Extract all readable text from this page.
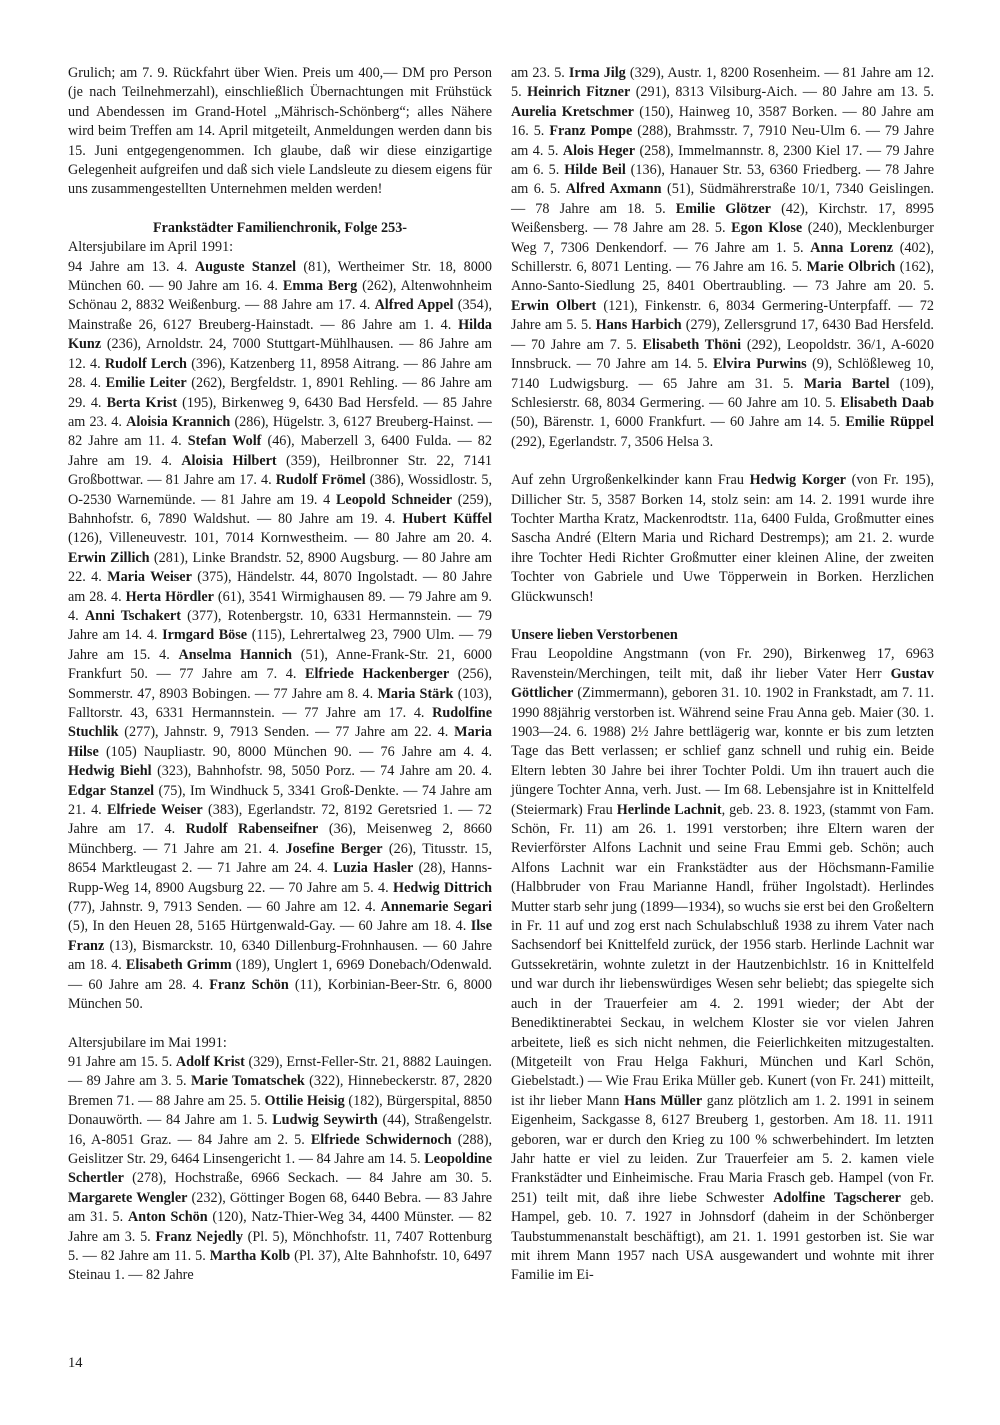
Grulich; am 7. 9. Rückfahrt über Wien. Preis um 400,— DM pro Person (je nach Teilnehmerzahl), einschließlich Übernachtungen mit Frühstück und Abendessen im Grand-Hotel „Mährisch-Schönberg“; alles Nähere wird beim Treffen am 14. April mitgeteilt, Anmeldungen werden dann bis 15. Juni entgegengenommen. Ich glaube, daß wir diese einzigartige Gelegenheit aufgreifen und daß sich viele Landsleute zu diesem eigens für uns zusammengestellten Unternehmen melden werden!

Frankstädter Familienchronik, Folge 253-

Altersjubilare im April 1991:
94 Jahre am 13. 4. Auguste Stanzel (81), Wertheimer Str. 18, 8000 München 60. — 90 Jahre am 16. 4. Emma Berg (262), Altenwohnheim Schönau 2, 8832 Weißenburg. — 88 Jahre am 17. 4. Alfred Appel (354), Mainstraße 26, 6127 Breuberg-Hainstadt. — 86 Jahre am 1. 4. Hilda Kunz (236), Arnoldstr. 24, 7000 Stuttgart-Mühlhausen. — 86 Jahre am 12. 4. Rudolf Lerch (396), Katzenberg 11, 8958 Aitrang. — 86 Jahre am 28. 4. Emilie Leiter (262), Bergfeldstr. 1, 8901 Rehling. — 86 Jahre am 29. 4. Berta Krist (195), Birkenweg 9, 6430 Bad Hersfeld. — 85 Jahre am 23. 4. Aloisia Krannich (286), Hügelstr. 3, 6127 Breuberg-Hainst. — 82 Jahre am 11. 4. Stefan Wolf (46), Maberzell 3, 6400 Fulda. — 82 Jahre am 19. 4. Aloisia Hilbert (359), Heilbronner Str. 22, 7141 Großbottwar. — 81 Jahre am 17. 4. Rudolf Frömel (386), Wossidlostr. 5, O-2530 Warnemünde. — 81 Jahre am 19. 4 Leopold Schneider (259), Bahnhofstr. 6, 7890 Waldshut. — 80 Jahre am 19. 4. Hubert Küffel (126), Villeneuvestr. 101, 7014 Kornwestheim. — 80 Jahre am 20. 4. Erwin Zillich (281), Linke Brandstr. 52, 8900 Augsburg. — 80 Jahre am 22. 4. Maria Weiser (375), Händelstr. 44, 8070 Ingolstadt. — 80 Jahre am 28. 4. Herta Hördler (61), 3541 Wirmighausen 89. — 79 Jahre am 9. 4. Anni Tschakert (377), Rotenbergstr. 10, 6331 Hermannstein. — 79 Jahre am 14. 4. Irmgard Böse (115), Lehrertalweg 23, 7900 Ulm. — 79 Jahre am 15. 4. Anselma Hannich (51), Anne-Frank-Str. 21, 6000 Frankfurt 50. — 77 Jahre am 7. 4. Elfriede Hackenberger (256), Sommerstr. 47, 8903 Bobingen. — 77 Jahre am 8. 4. Maria Stärk (103), Falltorstr. 43, 6331 Hermannstein. — 77 Jahre am 17. 4. Rudolfine Stuchlik (277), Jahnstr. 9, 7913 Senden. — 77 Jahre am 22. 4. Maria Hilse (105) Naupliastr. 90, 8000 München 90. — 76 Jahre am 4. 4. Hedwig Biehl (323), Bahnhofstr. 98, 5050 Porz. — 74 Jahre am 20. 4. Edgar Stanzel (75), Im Windhuck 5, 3341 Groß-Denkte. — 74 Jahre am 21. 4. Elfriede Weiser (383), Egerlandstr. 72, 8192 Geretsried 1. — 72 Jahre am 17. 4. Rudolf Rabenseifner (36), Meisenweg 2, 8660 Münchberg. — 71 Jahre am 21. 4. Josefine Berger (26), Titusstr. 15, 8654 Marktleugast 2. — 71 Jahre am 24. 4. Luzia Hasler (28), Hanns-Rupp-Weg 14, 8900 Augsburg 22. — 70 Jahre am 5. 4. Hedwig Dittrich (77), Jahnstr. 9, 7913 Senden. — 60 Jahre am 12. 4. Annemarie Segari (5), In den Heuen 28, 5165 Hürtgenwald-Gay. — 60 Jahre am 18. 4. Ilse Franz (13), Bismarckstr. 10, 6340 Dillenburg-Frohnhausen. — 60 Jahre am 18. 4. Elisabeth Grimm (189), Unglert 1, 6969 Donebach/Odenwald. — 60 Jahre am 28. 4. Franz Schön (11), Korbinian-Beer-Str. 6, 8000 München 50.

Altersjubilare im Mai 1991:
91 Jahre am 15. 5. Adolf Krist (329), Ernst-Feller-Str. 21, 8882 Lauingen. — 89 Jahre am 3. 5. Marie Tomatschek (322), Hinnebeckerstr. 87, 2820 Bremen 71. — 88 Jahre am 25. 5. Ottilie Heisig (182), Bürgerspital, 8850 Donauwörth. — 84 Jahre am 1. 5. Ludwig Seywirth (44), Straßengelstr. 16, A-8051 Graz. — 84 Jahre am 2. 5. Elfriede Schwidernoch (288), Geislitzer Str. 29, 6464 Linsengericht 1. — 84 Jahre am 14. 5. Leopoldine Schertler (278), Hochstraße, 6966 Seckach. — 84 Jahre am 30. 5. Margarete Wengler (232), Göttinger Bogen 68, 6440 Bebra. — 83 Jahre am 31. 5. Anton Schön (120), Natz-Thier-Weg 34, 4400 Münster. — 82 Jahre am 3. 5. Franz Nejedly (Pl. 5), Mönchhofstr. 11, 7407 Rottenburg 5. — 82 Jahre am 11. 5. Martha Kolb (Pl. 37), Alte Bahnhofstr. 10, 6497 Steinau 1. — 82 Jahre

am 23. 5. Irma Jilg (329), Austr. 1, 8200 Rosenheim. — 81 Jahre am 12. 5. Heinrich Fitzner (291), 8313 Vilsiburg-Aich. — 80 Jahre am 13. 5. Aurelia Kretschmer (150), Hainweg 10, 3587 Borken. — 80 Jahre am 16. 5. Franz Pompe (288), Brahmsstr. 7, 7910 Neu-Ulm 6. — 79 Jahre am 4. 5. Alois Heger (258), Immelmannstr. 8, 2300 Kiel 17. — 79 Jahre am 6. 5. Hilde Beil (136), Hanauer Str. 53, 6360 Friedberg. — 78 Jahre am 6. 5. Alfred Axmann (51), Südmährerstraße 10/1, 7340 Geislingen. — 78 Jahre am 18. 5. Emilie Glötzer (42), Kirchstr. 17, 8995 Weißensberg. — 78 Jahre am 28. 5. Egon Klose (240), Mecklenburger Weg 7, 7306 Denkendorf. — 76 Jahre am 1. 5. Anna Lorenz (402), Schillerstr. 6, 8071 Lenting. — 76 Jahre am 16. 5. Marie Olbrich (162), Anno-Santo-Siedlung 25, 8401 Obertraubling. — 73 Jahre am 20. 5. Erwin Olbert (121), Finkenstr. 6, 8034 Germering-Unterpfaff. — 72 Jahre am 5. 5. Hans Harbich (279), Zellersgrund 17, 6430 Bad Hersfeld. — 70 Jahre am 7. 5. Elisabeth Thöni (292), Leopoldstr. 36/1, A-6020 Innsbruck. — 70 Jahre am 14. 5. Elvira Purwins (9), Schlößleweg 10, 7140 Ludwigsburg. — 65 Jahre am 31. 5. Maria Bartel (109), Schlesierstr. 68, 8034 Germering. — 60 Jahre am 10. 5. Elisabeth Daab (50), Bärenstr. 1, 6000 Frankfurt. — 60 Jahre am 14. 5. Emilie Rüppel (292), Egerlandstr. 7, 3506 Helsa 3.

Auf zehn Urgroßenkelkinder kann Frau Hedwig Korger (von Fr. 195), Dillicher Str. 5, 3587 Borken 14, stolz sein: am 14. 2. 1991 wurde ihre Tochter Martha Kratz, Mackenrodtstr. 11a, 6400 Fulda, Großmutter eines Sascha André (Eltern Maria und Richard Destremps); am 21. 2. wurde ihre Tochter Hedi Richter Großmutter einer kleinen Aline, der zweiten Tochter von Gabriele und Uwe Töpperwein in Borken. Herzlichen Glückwunsch!

Unsere lieben Verstorbenen

Frau Leopoldine Angstmann (von Fr. 290), Birkenweg 17, 6963 Ravenstein/Merchingen, teilt mit, daß ihr lieber Vater Herr Gustav Göttlicher (Zimmermann), geboren 31. 10. 1902 in Frankstadt, am 7. 11. 1990 88jährig verstorben ist. Während seine Frau Anna geb. Maier (30. 1. 1903—24. 6. 1988) 2½ Jahre bettlägerig war, konnte er bis zum letzten Tage das Bett verlassen; er schlief ganz schnell und ruhig ein. Beide Eltern lebten 30 Jahre bei ihrer Tochter Poldi. Um ihn trauert auch die jüngere Tochter Anna, verh. Just. — Im 68. Lebensjahre ist in Knittelfeld (Steiermark) Frau Herlinde Lachnit, geb. 23. 8. 1923, (stammt von Fam. Schön, Fr. 11) am 26. 1. 1991 verstorben; ihre Eltern waren der Revierförster Alfons Lachnit und seine Frau Emmi geb. Schön; auch Alfons Lachnit war ein Frankstädter aus der Höchsmann-Familie (Halbbruder von Frau Marianne Handl, früher Ingolstadt). Herlindes Mutter starb sehr jung (1899—1934), so wuchs sie erst bei den Großeltern in Fr. 11 auf und zog erst nach Schulabschluß 1938 zu ihrem Vater nach Sachsendorf bei Knittelfeld zurück, der 1956 starb. Herlinde Lachnit war Gutssekretärin, wohnte zuletzt in der Hautzenbichlstr. 16 in Knittelfeld und war durch ihr liebenswürdiges Wesen sehr beliebt; das spiegelte sich auch in der Trauerfeier am 4. 2. 1991 wieder; der Abt der Benediktinerabtei Seckau, in welchem Kloster sie vor vielen Jahren arbeitete, ließ es sich nicht nehmen, die Feierlichkeiten mitzugestalten. (Mitgeteilt von Frau Helga Fakhuri, München und Karl Schön, Giebelstadt.) — Wie Frau Erika Müller geb. Kunert (von Fr. 241) mitteilt, ist ihr lieber Mann Hans Müller ganz plötzlich am 1. 2. 1991 in seinem Eigenheim, Sackgasse 8, 6127 Breuberg 1, gestorben. Am 18. 11. 1911 geboren, war er durch den Krieg zu 100 % schwerbehindert. Im letzten Jahr hatte er viel zu leiden. Zur Trauerfeier am 5. 2. kamen viele Frankstädter und Einheimische. Frau Maria Frasch geb. Hampel (von Fr. 251) teilt mit, daß ihre liebe Schwester Adolfine Tagscherer geb. Hampel, geb. 10. 7. 1927 in Johnsdorf (daheim in der Schönberger Taubstummenanstalt beschäftigt), am 21. 1. 1991 gestorben ist. Sie war mit ihrem Mann 1957 nach USA ausgewandert und wohnte mit ihrer Familie im Ei-

14
